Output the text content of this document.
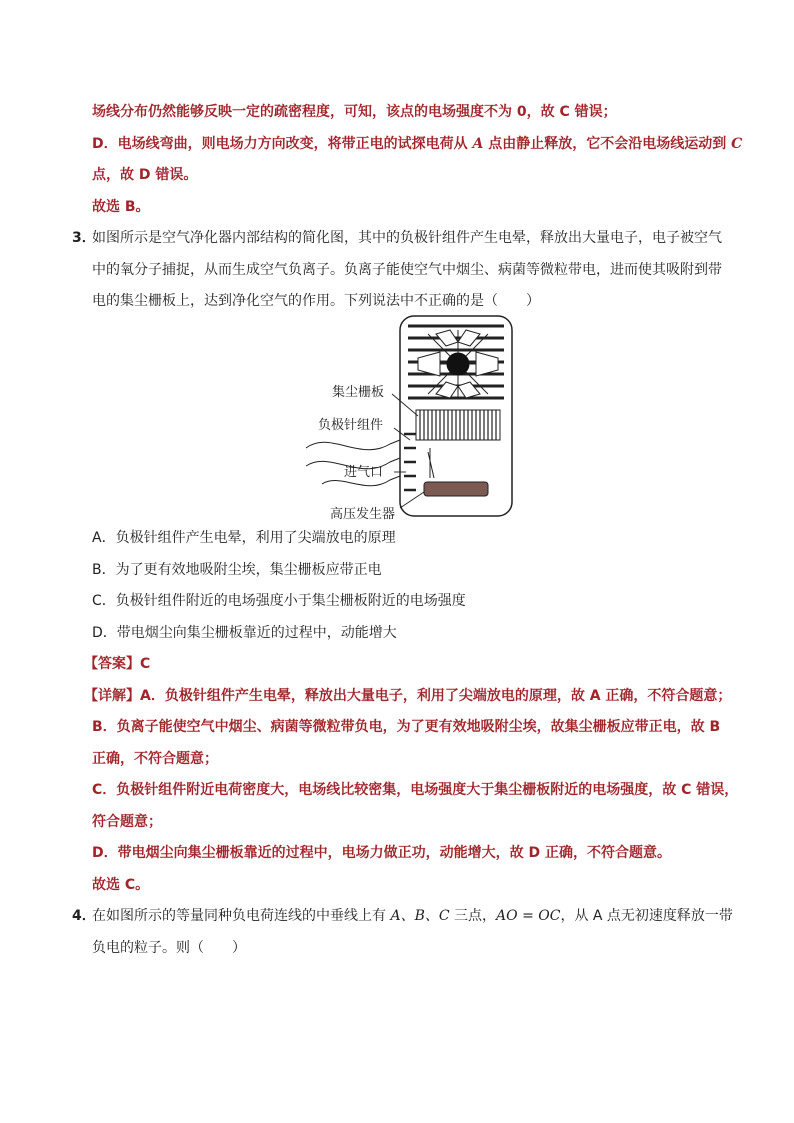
场线分布仍然能够反映一定的疏密程度，可知，该点的电场强度不为 0，故 C 错误；
D．电场线弯曲，则电场力方向改变，将带正电的试探电荷从 A 点由静止释放，它不会沿电场线运动到 C
点，故 D 错误。
故选 B。
3．
如图所示是空气净化器内部结构的简化图，其中的负极针组件产生电晕，释放出大量电子，电子被空气
中的氧分子捕捉，从而生成空气负离子。负离子能使空气中烟尘、病菌等微粒带电，进而使其吸附到带
电的集尘栅板上，达到净化空气的作用。下列说法中不正确的是（　　）
集尘栅板
负极针组件
进气口
高压发生器
A．负极针组件产生电晕，利用了尖端放电的原理
B．为了更有效地吸附尘埃，集尘栅板应带正电
C．负极针组件附近的电场强度小于集尘栅板附近的电场强度
D．带电烟尘向集尘栅板靠近的过程中，动能增大
【答案】C
【详解】A．负极针组件产生电晕，释放出大量电子，利用了尖端放电的原理，故 A 正确，不符合题意；
B．负离子能使空气中烟尘、病菌等微粒带负电，为了更有效地吸附尘埃，故集尘栅板应带正电，故 B
正确，不符合题意；
C．负极针组件附近电荷密度大，电场线比较密集，电场强度大于集尘栅板附近的电场强度，故 C 错误，
符合题意；
D．带电烟尘向集尘栅板靠近的过程中，电场力做正功，动能增大，故 D 正确，不符合题意。
故选 C。
4．
在如图所示的等量同种负电荷连线的中垂线上有 A、B、C 三点，AO = OC，从 A 点无初速度释放一带
负电的粒子。则（　　）
